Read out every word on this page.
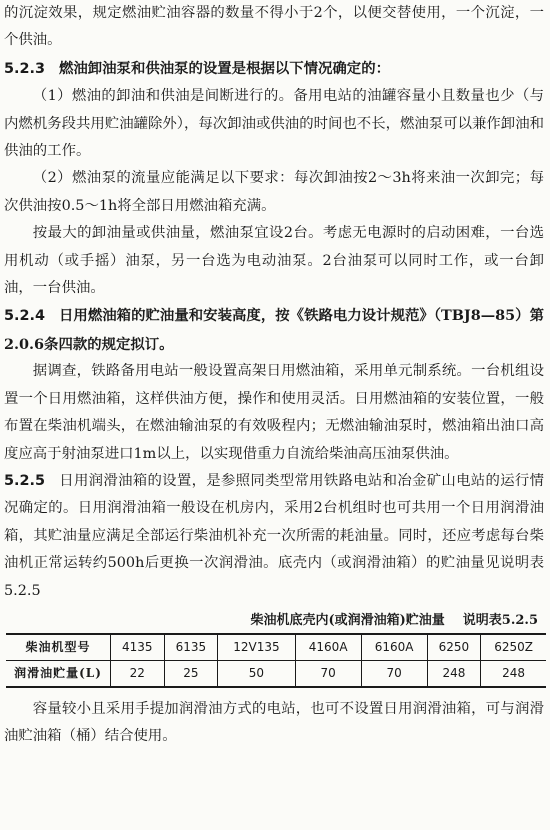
的沉淀效果，规定燃油贮油容器的数量不得小于2个，以便交替使用，一个沉淀，一个供油。

5.2.3 燃油卸油泵和供油泵的设置是根据以下情况确定的：

（1）燃油的卸油和供油是间断进行的。备用电站的油罐容量小且数量也少（与内燃机务段共用贮油罐除外），每次卸油或供油的时间也不长，燃油泵可以兼作卸油和供油的工作。

（2）燃油泵的流量应能满足以下要求：每次卸油按2～3h将来油一次卸完；每次供油按0.5～1h将全部日用燃油箱充满。

按最大的卸油量或供油量，燃油泵宜设2台。考虑无电源时的启动困难，一台选用机动（或手摇）油泵，另一台选为电动油泵。2台油泵可以同时工作，或一台卸油，一台供油。

5.2.4 日用燃油箱的贮油量和安装高度，按《铁路电力设计规范》（TBJ8—85）第2.0.6条四款的规定拟订。

据调查，铁路备用电站一般设置高架日用燃油箱，采用单元制系统。一台机组设置一个日用燃油箱，这样供油方便，操作和使用灵活。日用燃油箱的安装位置，一般布置在柴油机端头，在燃油输油泵的有效吸程内；无燃油输油泵时，燃油箱出油口高度应高于射油泵进口1m以上，以实现借重力自流给柴油高压油泵供油。

5.2.5 日用润滑油箱的设置，是参照同类型常用铁路电站和冶金矿山电站的运行情况确定的。日用润滑油箱一般设在机房内，采用2台机组时也可共用一个日用润滑油箱，其贮油量应满足全部运行柴油机补充一次所需的耗油量。同时，还应考虑每台柴油机正常运转约500h后更换一次润滑油。底壳内（或润滑油箱）的贮油量见说明表5.2.5

柴油机底壳内(或润滑油箱)贮油量 说明表5.2.5
柴油机型号	4135	6135	12V135	4160A	6160A	6250	6250Z
润滑油贮量(L)	22	25	50	70	70	248	248

容量较小且采用手提加润滑油方式的电站，也可不设置日用润滑油箱，可与润滑油贮油箱（桶）结合使用。
